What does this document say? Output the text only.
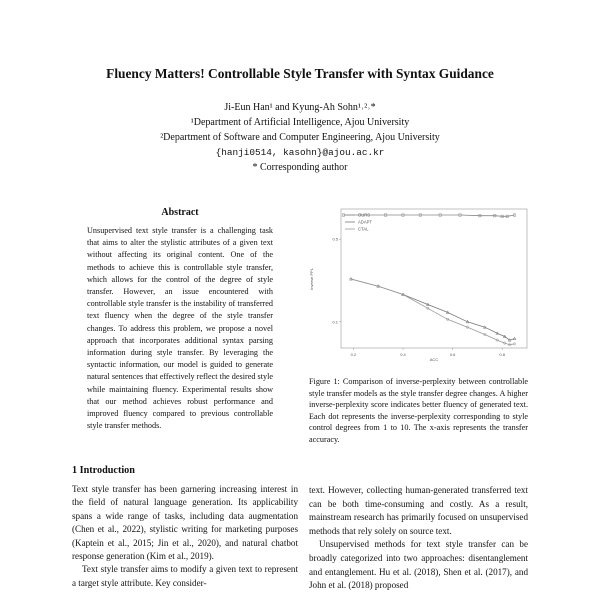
Fluency Matters! Controllable Style Transfer with Syntax Guidance
Ji-Eun Han¹ and Kyung-Ah Sohn¹˒²˒*
¹Department of Artificial Intelligence, Ajou University
²Department of Software and Computer Engineering, Ajou University
{hanji0514, kasohn}@ajou.ac.kr
* Corresponding author
Abstract
Unsupervised text style transfer is a challenging task that aims to alter the stylistic attributes of a given text without affecting its original content. One of the methods to achieve this is controllable style transfer, which allows for the control of the degree of style transfer. However, an issue encountered with controllable style transfer is the instability of transferred text fluency when the degree of the style transfer changes. To address this problem, we propose a novel approach that incorporates additional syntax parsing information during style transfer. By leveraging the syntactic information, our model is guided to generate natural sentences that effectively reflect the desired style while maintaining fluency. Experimental results show that our method achieves robust performance and improved fluency compared to previous controllable style transfer methods.
1 Introduction

Text style transfer has been garnering increasing interest in the field of natural language generation. Its applicability spans a wide range of tasks, including data augmentation (Chen et al., 2022), stylistic writing for marketing purposes (Kaptein et al., 2015; Jin et al., 2020), and natural chatbot response generation (Kim et al., 2019).

Text style transfer aims to modify a given text to represent a target style attribute. Key consider-

0.2	0.4	0.6	0.8
0.1
0.5
OURS
ADAPT
CTAL
Inverse PPL
ACC
Figure 1: Comparison of inverse-perplexity between controllable style transfer models as the style transfer degree changes. A higher inverse-perplexity score indicates better fluency of generated text. Each dot represents the inverse-perplexity corresponding to style control degrees from 1 to 10. The x-axis represents the transfer accuracy.

text. However, collecting human-generated transferred text can be both time-consuming and costly. As a result, mainstream research has primarily focused on unsupervised methods that rely solely on source text.

Unsupervised methods for text style transfer can be broadly categorized into two approaches: disentanglement and entanglement. Hu et al. (2018), Shen et al. (2017), and John et al. (2018) proposed
